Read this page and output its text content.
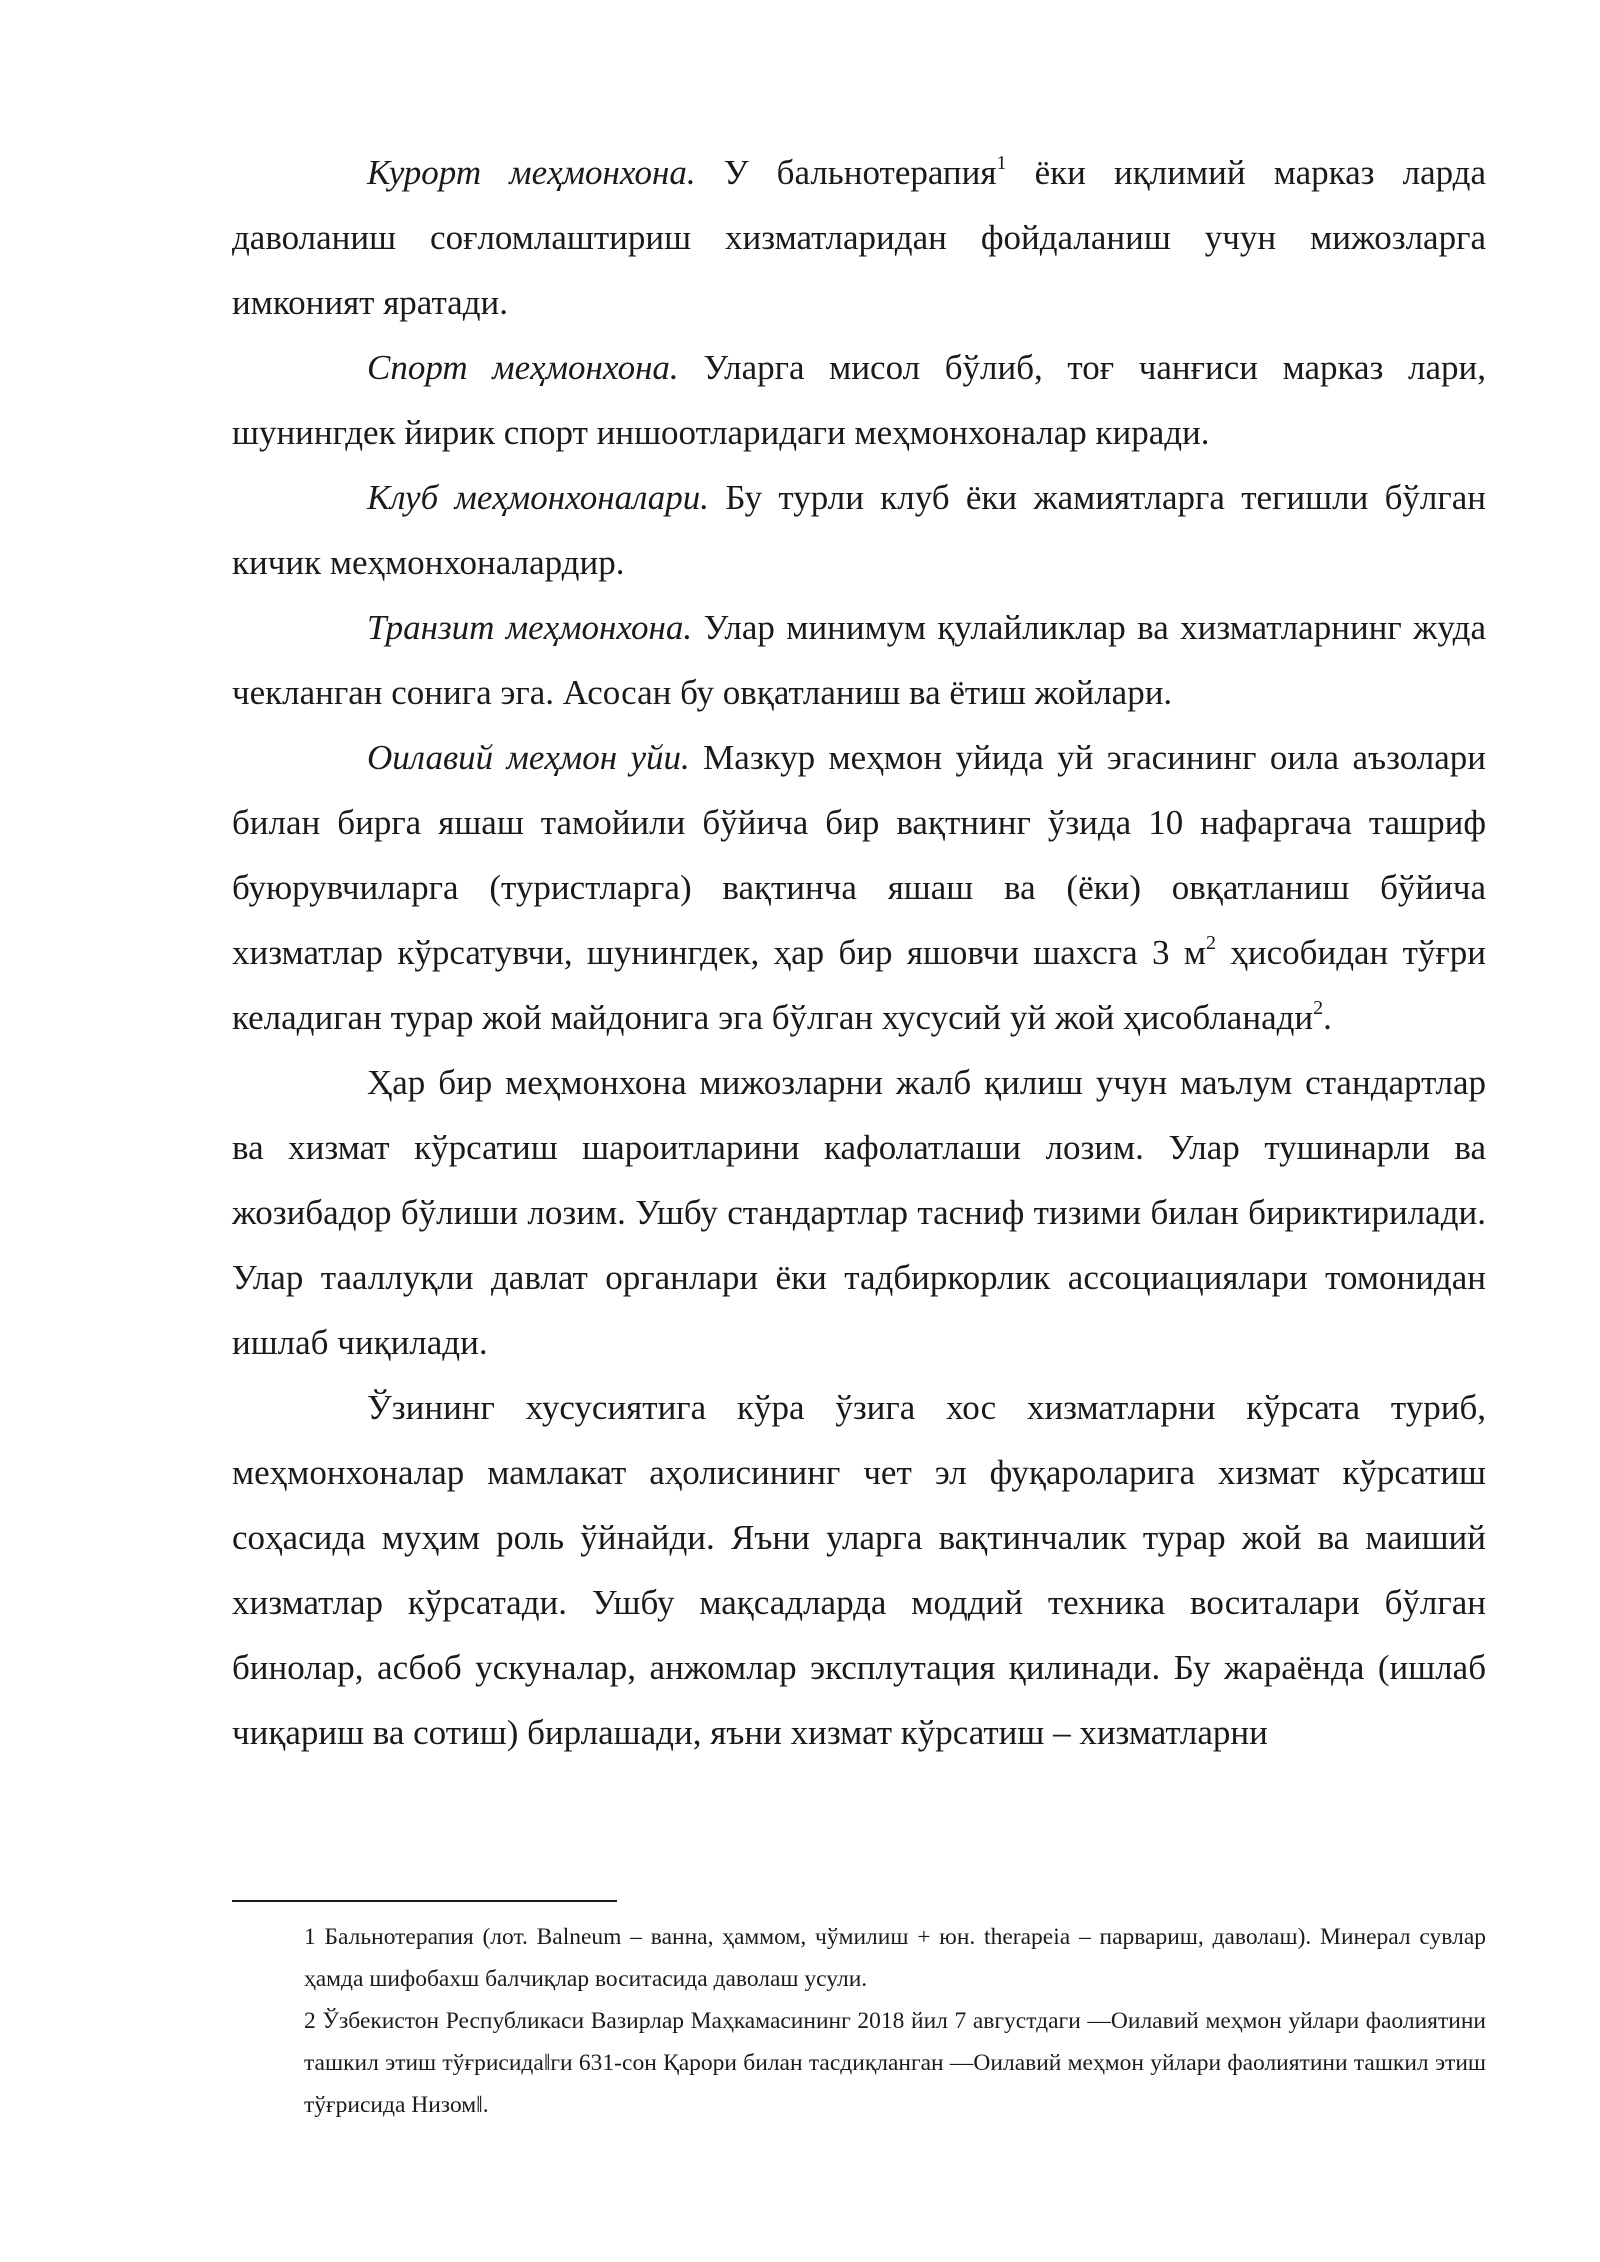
Курорт меҳмонхона. У бальнотерапия$^1$ ёки иқлимий марказ ларда даволаниш соғломлаштириш хизматларидан фойдаланиш учун мижозларга имконият яратади.

Спорт меҳмонхона. Уларга мисол бўлиб, тоғ чанғиси марказ лари, шунингдек йирик спорт иншоотларидаги меҳмонхоналар киради.

Клуб меҳмонхоналари. Бу турли клуб ёки жамиятларга тегишли бўлган кичик меҳмонхоналардир.

Транзит меҳмонхона. Улар минимум қулайликлар ва хизматларнинг жуда чекланган сонига эга. Асосан бу овқатланиш ва ётиш жойлари.

Оилавий меҳмон уйи. Мазкур меҳмон уйида уй эгасининг оила аъзолари билан бирга яшаш тамойили бўйича бир вақтнинг ўзида 10 нафаргача ташриф буюрувчиларга (туристларга) вақтинча яшаш ва (ёки) овқатланиш бўйича хизматлар кўрсатувчи, шунингдек, ҳар бир яшовчи шахсга 3 $м^2$ ҳисобидан тўғри келадиган турар жой майдонига эга бўлган хусусий уй жой ҳисобланади$^2$.

Ҳар бир меҳмонхона мижозларни жалб қилиш учун маълум стандартлар ва хизмат кўрсатиш шароитларини кафолатлаши лозим. Улар тушинарли ва жозибадор бўлиши лозим. Ушбу стандартлар тасниф тизими билан бириктирилади. Улар тааллуқли давлат органлари ёки тадбиркорлик ассоциациялари томонидан ишлаб чиқилади.

Ўзининг хусусиятига кўра ўзига хос хизматларни кўрсата туриб, меҳмонхоналар мамлакат аҳолисининг чет эл фуқароларига хизмат кўрсатиш соҳасида муҳим роль ўйнайди. Яъни уларга вақтинчалик турар жой ва маиший хизматлар кўрсатади. Ушбу мақсадларда моддий техника воситалари бўлган бинолар, асбоб ускуналар, анжомлар эксплутация қилинади. Бу жараёнда (ишлаб чиқариш ва сотиш) бирлашади, яъни хизмат кўрсатиш – хизматларни

1 Бальнотерапия (лот. Balneum – ванна, ҳаммом, чўмилиш + юн. therapeia – парвариш, даволаш). Минерал сувлар ҳамда шифобахш балчиқлар воситасида даволаш усули.

2 Ўзбекистон Республикаси Вазирлар Маҳкамасининг 2018 йил 7 августдаги ―Оилавий меҳмон уйлари фаолиятини ташкил этиш тўғрисида‖ги 631-сон Қарори билан тасдиқланган ―Оилавий меҳмон уйлари фаолиятини ташкил этиш тўғрисида Низом‖.
